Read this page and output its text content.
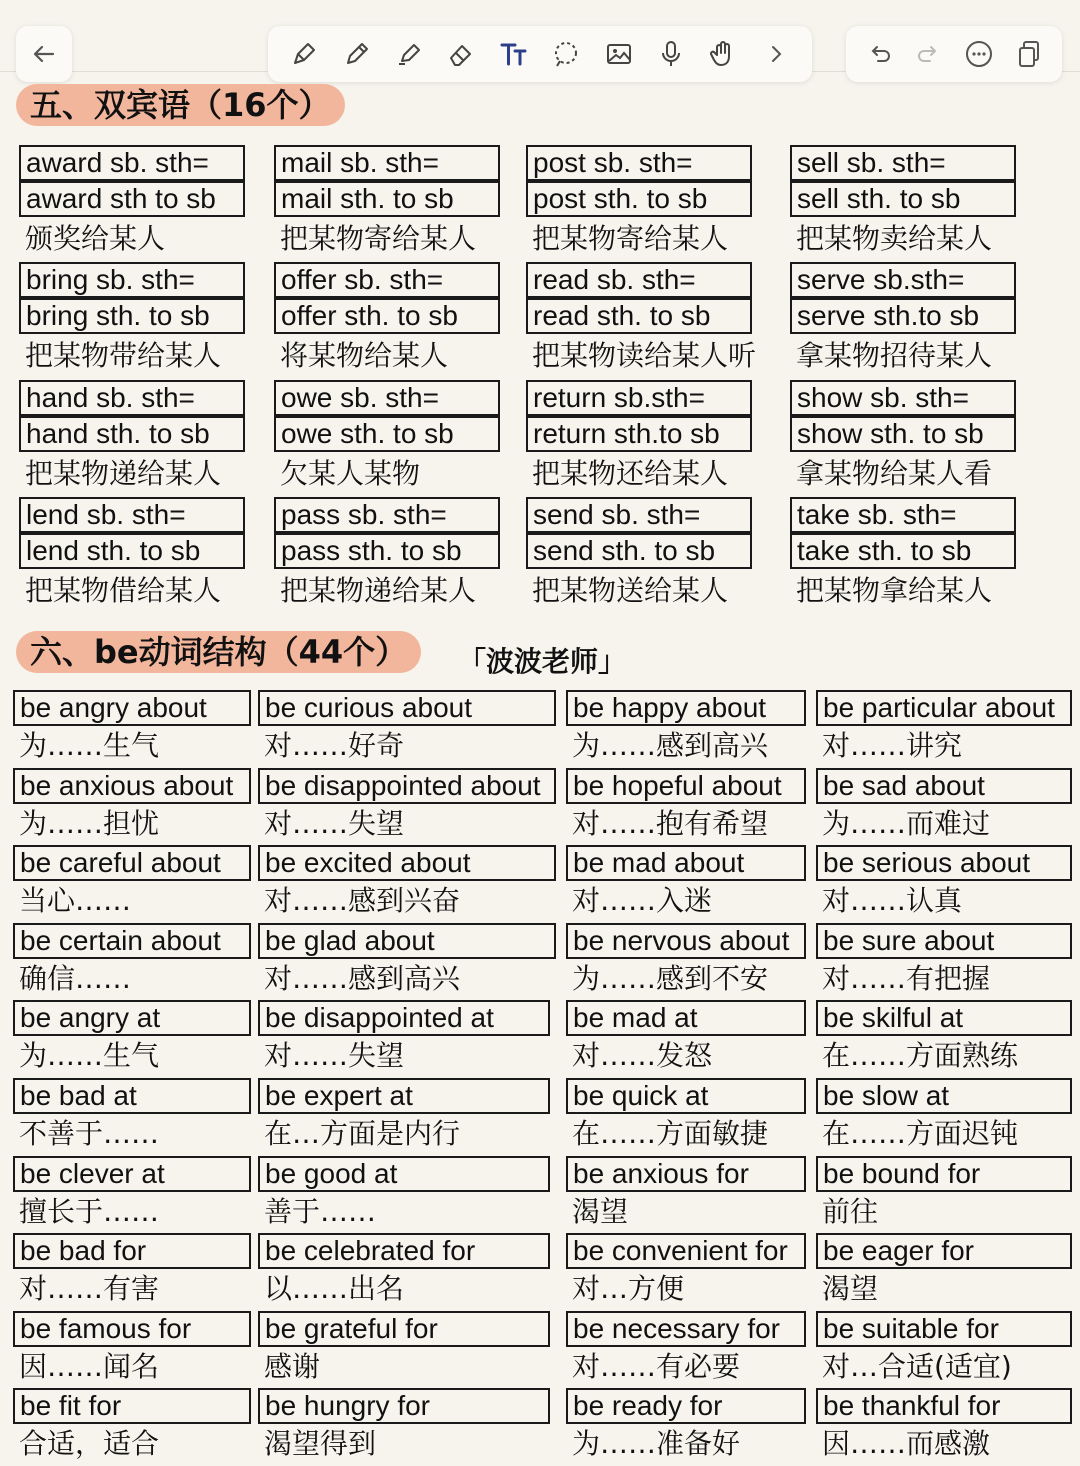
五、双宾语（16个）
award sb. sth=
award sth to sb
颁奖给某人
mail sb. sth=
mail sth. to sb
把某物寄给某人
post sb. sth=
post sth. to sb
把某物寄给某人
sell sb. sth=
sell sth. to sb
把某物卖给某人
bring sb. sth=
bring sth. to sb
把某物带给某人
offer sb. sth=
offer sth. to sb
将某物给某人
read sb. sth=
read sth. to sb
把某物读给某人听
serve sb.sth=
serve sth.to sb
拿某物招待某人
hand sb. sth=
hand sth. to sb
把某物递给某人
owe sb. sth=
owe sth. to sb
欠某人某物
return sb.sth=
return sth.to sb
把某物还给某人
show sb. sth=
show sth. to sb
拿某物给某人看
lend sb. sth=
lend sth. to sb
把某物借给某人
pass sb. sth=
pass sth. to sb
把某物递给某人
send sb. sth=
send sth. to sb
把某物送给某人
take sb. sth=
take sth. to sb
把某物拿给某人
六、be动词结构（44个）	「波波老师」
be angry about
为……生气
be curious about
对……好奇
be happy about
为……感到高兴
be particular about
对……讲究
be anxious about
为……担忧
be disappointed about
对……失望
be hopeful about
对……抱有希望
be sad about
为……而难过
be careful about
当心……
be excited about
对……感到兴奋
be mad about
对……入迷
be serious about
对……认真
be certain about
确信……
be glad about
对……感到高兴
be nervous about
为……感到不安
be sure about
对……有把握
be angry at
为……生气
be disappointed at
对……失望
be mad at
对……发怒
be skilful at
在……方面熟练
be bad at
不善于……
be expert at
在…方面是内行
be quick at
在……方面敏捷
be slow at
在……方面迟钝
be clever at
擅长于……
be good at
善于……
be anxious for
渴望
be bound for
前往
be bad for
对……有害
be celebrated for
以……出名
be convenient for
对…方便
be eager for
渴望
be famous for
因……闻名
be grateful for
感谢
be necessary for
对……有必要
be suitable for
对…合适(适宜)
be fit for
合适，适合
be hungry for
渴望得到
be ready for
为……准备好
be thankful for
因……而感激
